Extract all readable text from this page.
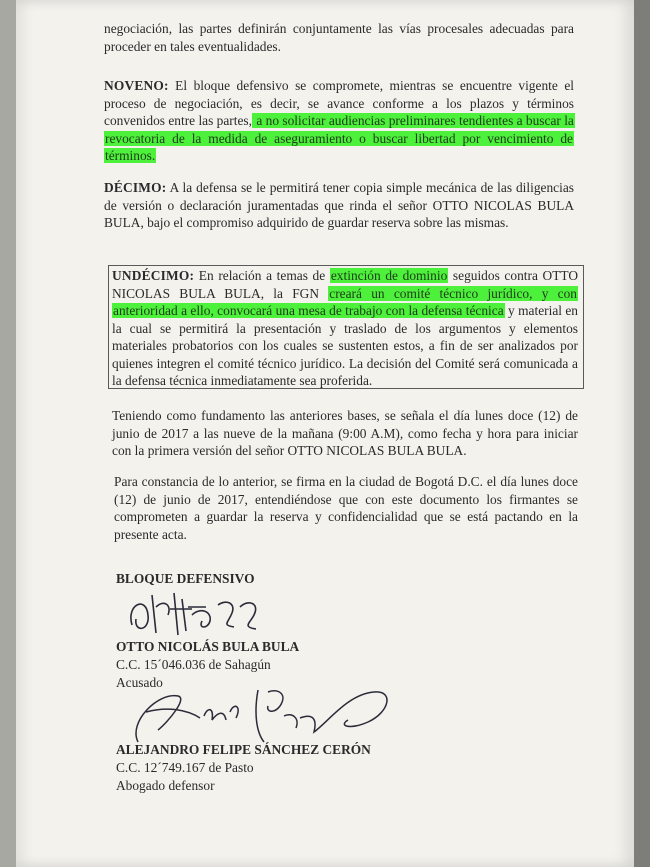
negociación, las partes definirán conjuntamente las vías procesales adecuadas para proceder en tales eventualidades.
NOVENO: El bloque defensivo se compromete, mientras se encuentre vigente el proceso de negociación, es decir, se avance conforme a los plazos y términos convenidos entre las partes, a no solicitar audiencias preliminares tendientes a buscar la revocatoria de la medida de aseguramiento o buscar libertad por vencimiento de términos.
DÉCIMO: A la defensa se le permitirá tener copia simple mecánica de las diligencias de versión o declaración juramentadas que rinda el señor OTTO NICOLAS BULA BULA, bajo el compromiso adquirido de guardar reserva sobre las mismas.
UNDÉCIMO: En relación a temas de extinción de dominio seguidos contra OTTO NICOLAS BULA BULA, la FGN creará un comité técnico jurídico, y con anterioridad a ello, convocará una mesa de trabajo con la defensa técnica y material en la cual se permitirá la presentación y traslado de los argumentos y elementos materiales probatorios con los cuales se sustenten estos, a fin de ser analizados por quienes integren el comité técnico jurídico. La decisión del Comité será comunicada a la defensa técnica inmediatamente sea proferida.
Teniendo como fundamento las anteriores bases, se señala el día lunes doce (12) de junio de 2017 a las nueve de la mañana (9:00 A.M), como fecha y hora para iniciar con la primera versión del señor OTTO NICOLAS BULA BULA.
Para constancia de lo anterior, se firma en la ciudad de Bogotá D.C. el día lunes doce (12) de junio de 2017, entendiéndose que con este documento los firmantes se comprometen a guardar la reserva y confidencialidad que se está pactando en la presente acta.
BLOQUE DEFENSIVO
OTTO NICOLÁS BULA BULA
C.C. 15´046.036 de Sahagún
Acusado
ALEJANDRO FELIPE SÁNCHEZ CERÓN
C.C. 12´749.167 de Pasto
Abogado defensor
